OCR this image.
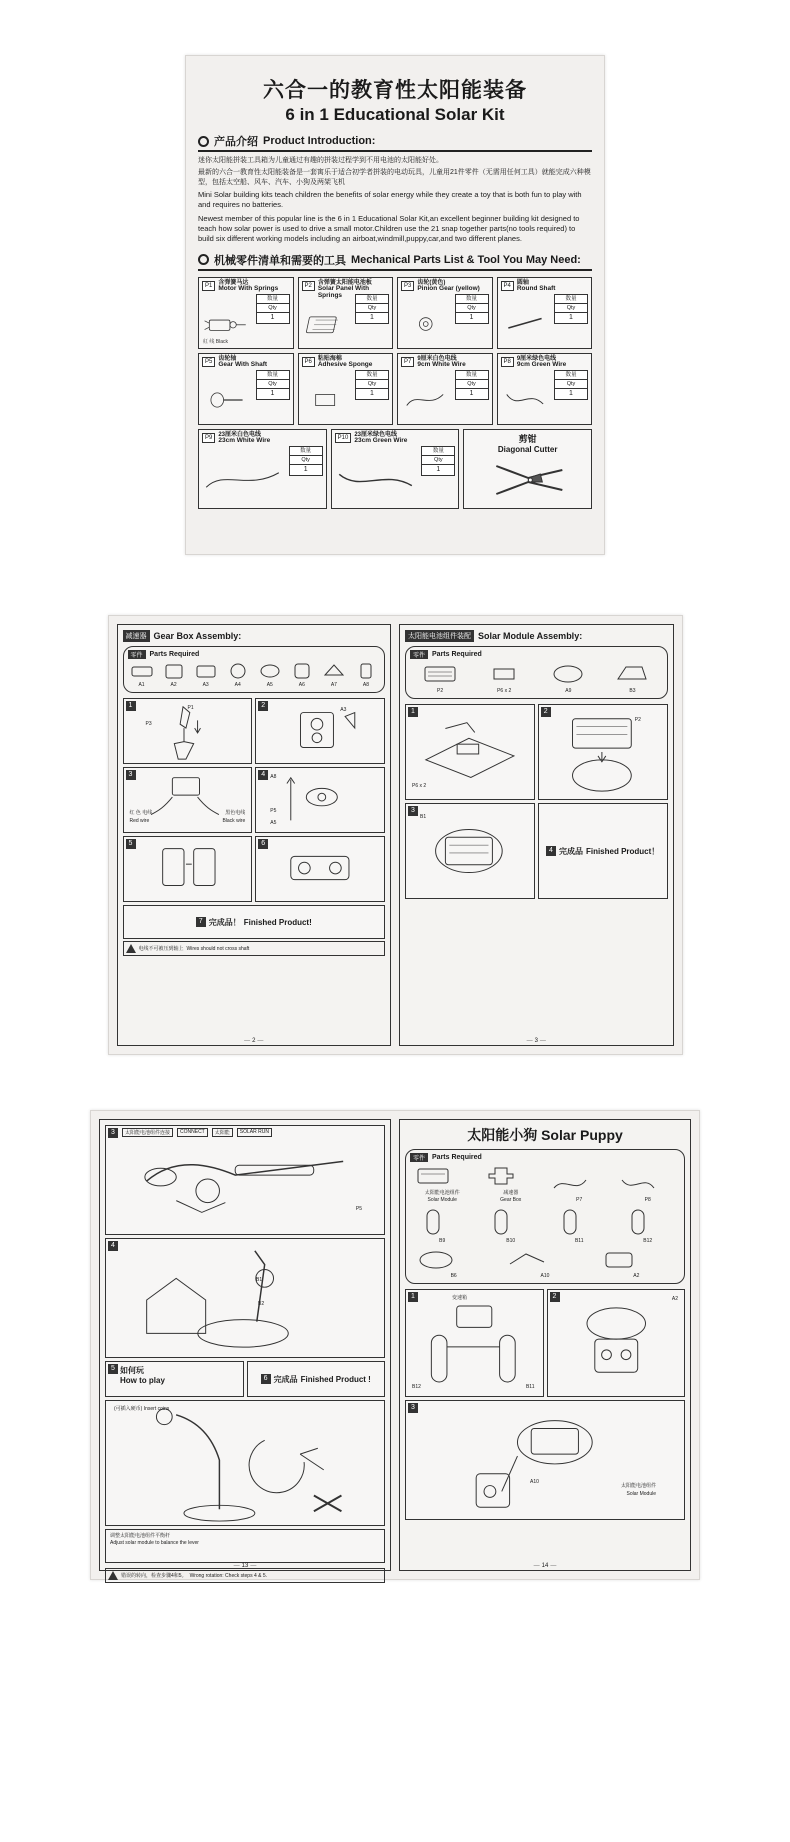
六合一的教育性太阳能装备
6 in 1 Educational Solar Kit
产品介绍 Product Introduction:

迷你太阳能拼装工具箱为儿童通过有趣的拼装过程学到不用电池的太阳能好处。

最新的六合一教育性太阳能装备是一套寓乐于适合初学者拼装的电动玩具，儿童用21件零件（无需用任何工具）就能完成六种模型，包括太空船、风车、汽车、小狗及两架飞机

Mini Solar building kits teach children the benefits of solar energy while they create a toy that is both fun to play with and requires no batteries.

Newest member of this popular line is the 6 in 1 Educational Solar Kit,an excellent beginner building kit designed to teach how solar power is used to drive a small motor.Children use the 21 snap together parts(no tools required) to build six different working models including an airboat,windmill,puppy,car,and two different planes.

机械零件清单和需要的工具 Mechanical Parts List & Tool You May Need:
P1	含弹簧马达
Motor With Springs
数量
Qty
1
紅 线 Black
P2	含弹簧太阳能电池板
Solar Panel With Springs	数量
Qty
1
P3	齿轮(黄色)
Pinion Gear (yellow)
数量
Qty
1
P4	圆轴
Round Shaft
数量
Qty
1
P5	齿轮轴
Gear With Shaft
数量
Qty
1
P6	粘贴海棉
Adhesive Sponge
数量
Qty
1
P7	9厘米白色电线
9cm White Wire
数量
Qty
1
P8	9厘米绿色电线
9cm Green Wire
数量
Qty
1
P9	23厘米白色电线
23cm White Wire
数量
Qty
1
P10	23厘米绿色电线
23cm Green Wire
数量
Qty
1
剪钳
Diagonal Cutter
减速器 Gear Box Assembly:
零件	Parts Required
A1	A2	A3	A4	A5	A6	A7	A8
1	P1
P3
2
A3
3
红 色 电线
Red wire
黑色电线
Black wire
4	A8
P5
A5
5	6
7 完成品！ Finished Product!
电线不可被压到轴上 Wires should not cross shaft
— 2 —
太阳能电池组件装配 Solar Module Assembly:
零件	Parts Required
P2	P6 x 2	A9	B3
1
P6 x 2
2
P2
3
B1
4 完成品 Finished Product！
— 3 —
3	太阳能电池组件连接	CONNECT	太阳能	SOLAR RUN
P5
4
B1
B2
5 如何玩
How to play	6 完成品 Finished Product !
(可插入硬币) Insert coins
调整太阳能电池组件平衡杆
Adjust solar module to balance the lever
错误的转向，检查步骤4和5。 Wrong rotation: Check steps 4 & 5.
— 13 —
太阳能小狗 Solar Puppy
零件	Parts Required
太阳能电池组件
Solar Module
减速器
Gear Box	P7	P8
B9	B10	B11	B12
B6	A10	A2
1	变速箱
B12	B11
2	A2
3
A10
太阳能电池组件
Solar Module
— 14 —
